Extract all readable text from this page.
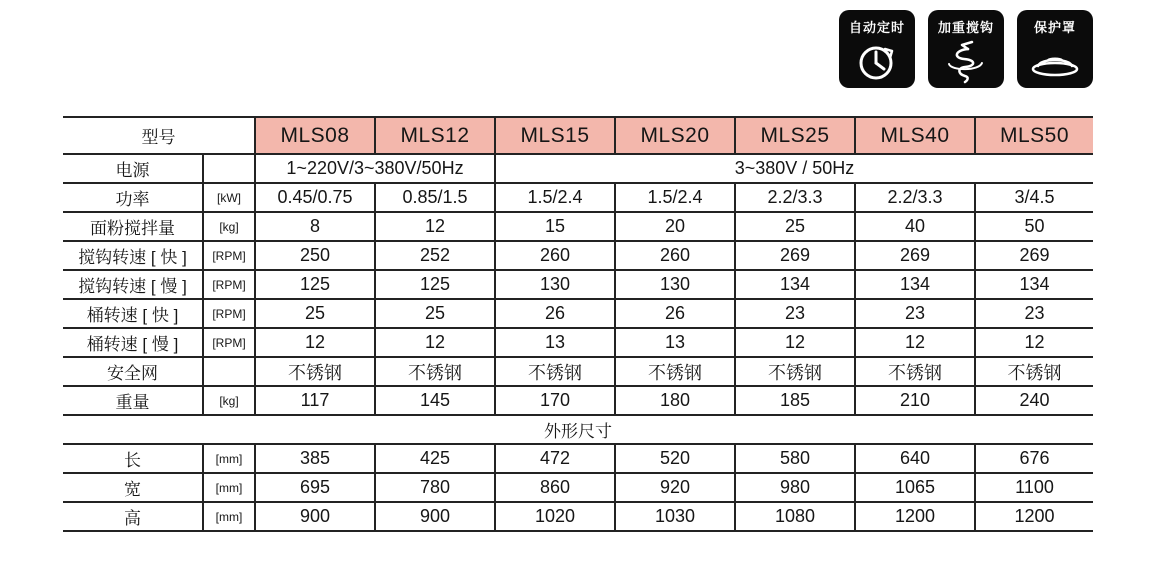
自动定时	加重搅钩	保护罩
型号		MLS08	MLS12	MLS15	MLS20	MLS25	MLS40	MLS50
电源		1~220V/3~380V/50Hz		3~380V / 50Hz				
功率	[kW]	0.45/0.75	0.85/1.5	1.5/2.4	1.5/2.4	2.2/3.3	2.2/3.3	3/4.5
面粉搅拌量	[kg]	8	12	15	20	25	40	50
搅钩转速 [ 快 ]	[RPM]	250	252	260	260	269	269	269
搅钩转速 [ 慢 ]	[RPM]	125	125	130	130	134	134	134
桶转速 [ 快 ]	[RPM]	25	25	26	26	23	23	23
桶转速 [ 慢 ]	[RPM]	12	12	13	13	12	12	12
安全网		不锈钢	不锈钢	不锈钢	不锈钢	不锈钢	不锈钢	不锈钢
重量	[kg]	117	145	170	180	185	210	240
外形尺寸								
长	[mm]	385	425	472	520	580	640	676
宽	[mm]	695	780	860	920	980	1065	1100
高	[mm]	900	900	1020	1030	1080	1200	1200
